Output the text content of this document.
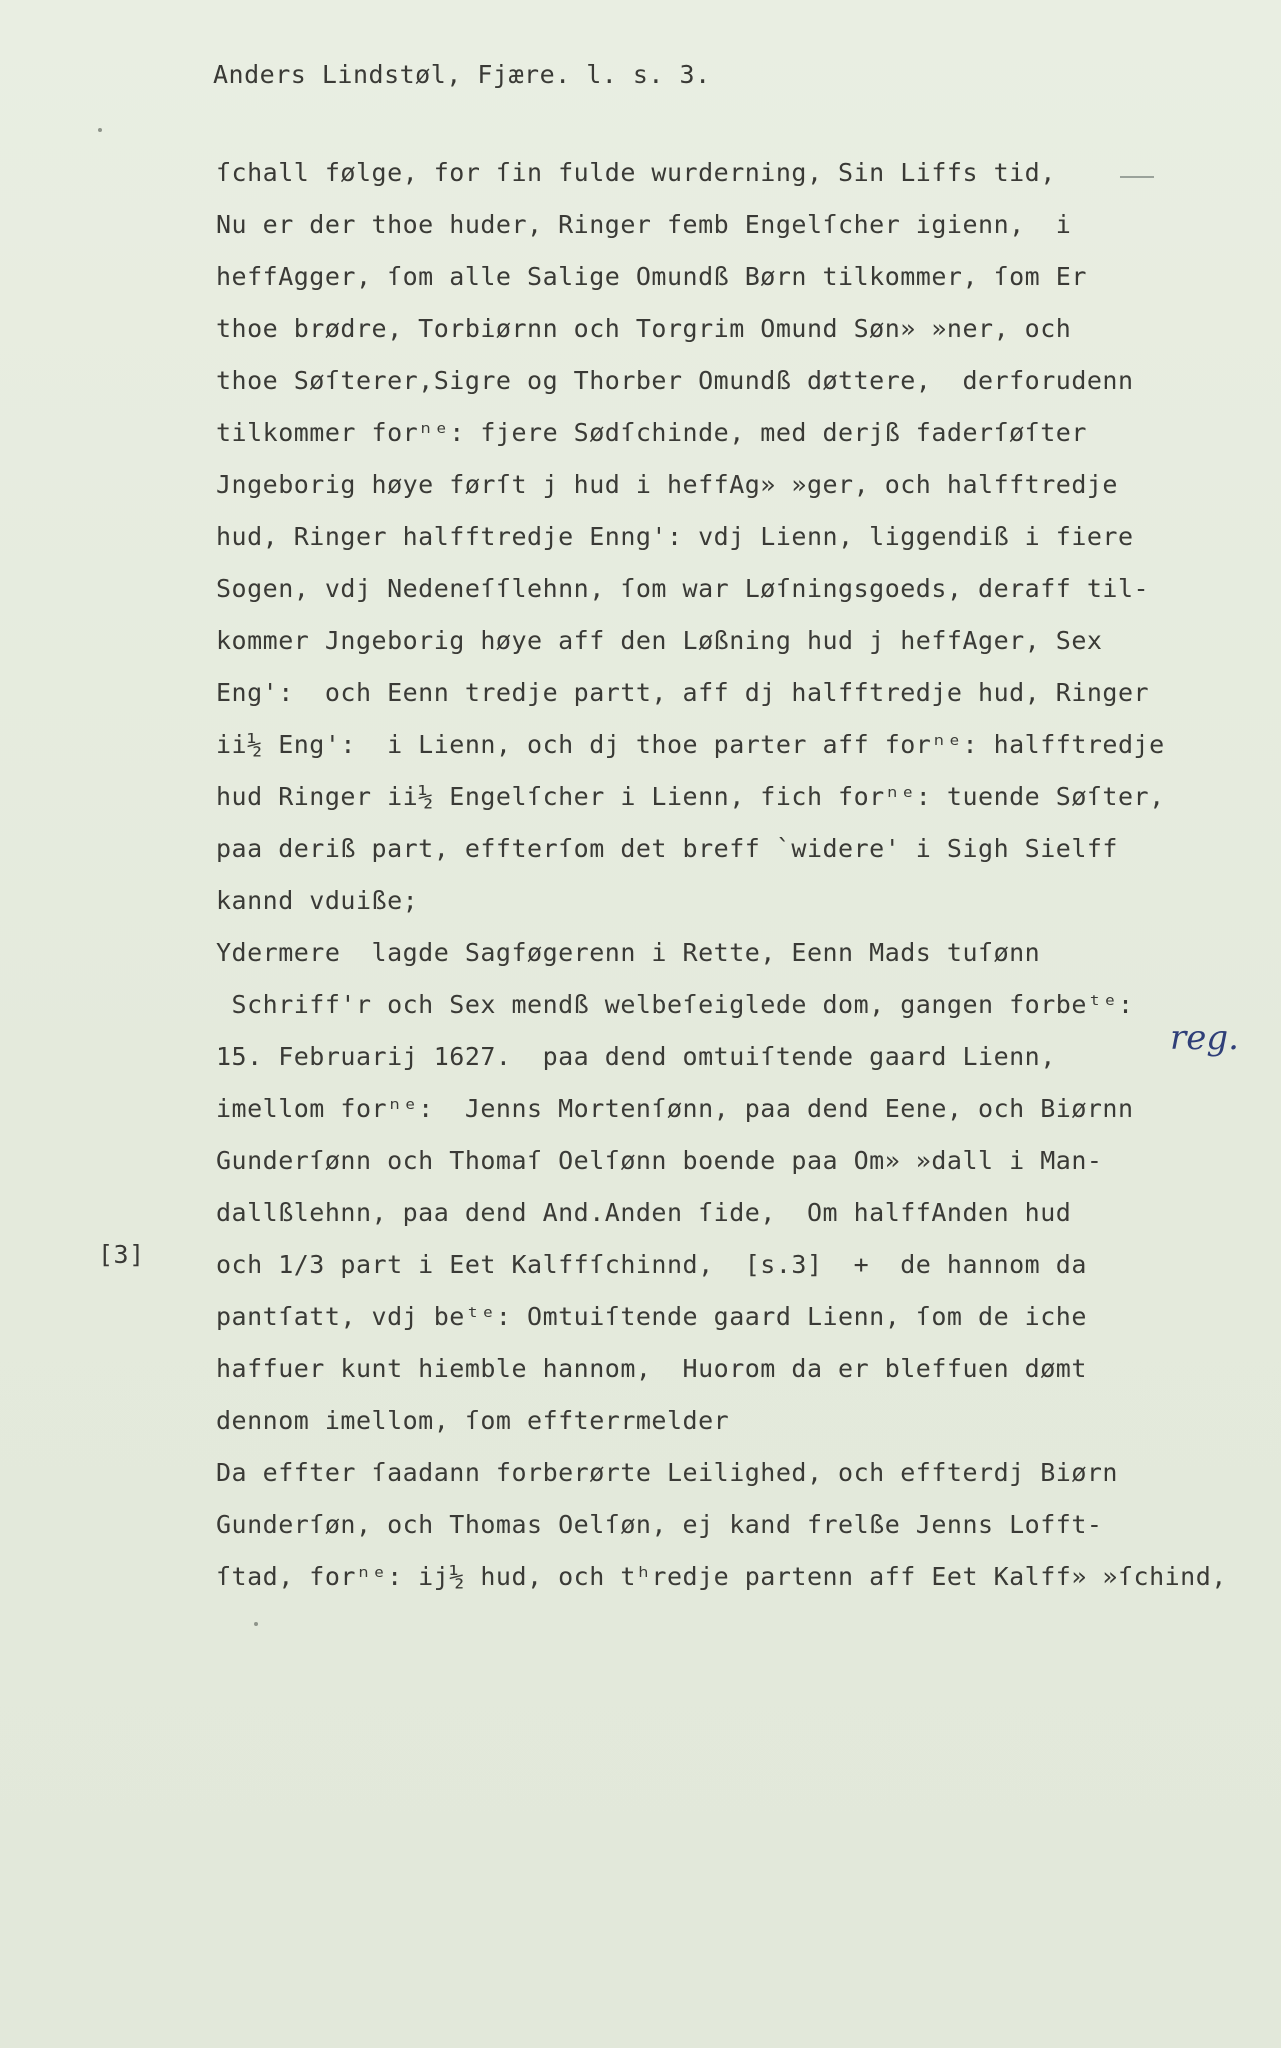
Anders Lindstøl, Fjære. l. s. 3.
ſchall følge, for ſin fulde wurderning, Sin Liffs tid,
Nu er der thoe huder, Ringer femb Engelſcher igienn,  i
heffAgger, ſom alle Salige Omundß Børn tilkommer, ſom Er
thoe brødre, Torbiørnn och Torgrim Omund Søn» »ner, och
thoe Søſterer,Sigre og Thorber Omundß døttere,  derforudenn
tilkommer forⁿᵉ: fjere Sødſchinde, med derjß faderſøſter
Jngeborig høye førſt j hud i heffAg» »ger, och halfftredje
hud, Ringer halfftredje Enng': vdj Lienn, liggendiß i fiere
Sogen, vdj Nedeneſſlehnn, ſom war Løſningsgoeds, deraff til-
kommer Jngeborig høye aff den Løßning hud j heffAger, Sex
Eng':  och Eenn tredje partt, aff dj halfftredje hud, Ringer
ii½ Eng':  i Lienn, och dj thoe parter aff forⁿᵉ: halfftredje
hud Ringer ii½ Engelſcher i Lienn, fich forⁿᵉ: tuende Søſter,
paa deriß part, effterſom det breff `widere' i Sigh Sielff
kannd vduiße;
Ydermere  lagde Sagføgerenn i Rette, Eenn Mads tuſønn
Schriff'r och Sex mendß welbeſeiglede dom, gangen forbeᵗᵉ:
15. Februarij 1627.  paa dend omtuiſtende gaard Lienn,
imellom forⁿᵉ:  Jenns Mortenſønn, paa dend Eene, och Biørnn
Gunderſønn och Thomaſ Oelſønn boende paa Om» »dall i Man-
dallßlehnn, paa dend And.Anden ſide,  Om halffAnden hud
och 1/3 part i Eet Kalffſchinnd,  [s.3]  +  de hannom da
pantſatt, vdj beᵗᵉ: Omtuiſtende gaard Lienn, ſom de iche
haffuer kunt hiemble hannom,  Huorom da er bleffuen dømt
dennom imellom, ſom effterrmelder
Da effter ſaadann forberørte Leilighed, och effterdj Biørn
Gunderſøn, och Thomas Oelſøn, ej kand frelße Jenns Lofft-
ſtad, forⁿᵉ: ij½ hud, och tʰredje partenn aff Eet Kalff» »ſchind,
[3]
reg.
